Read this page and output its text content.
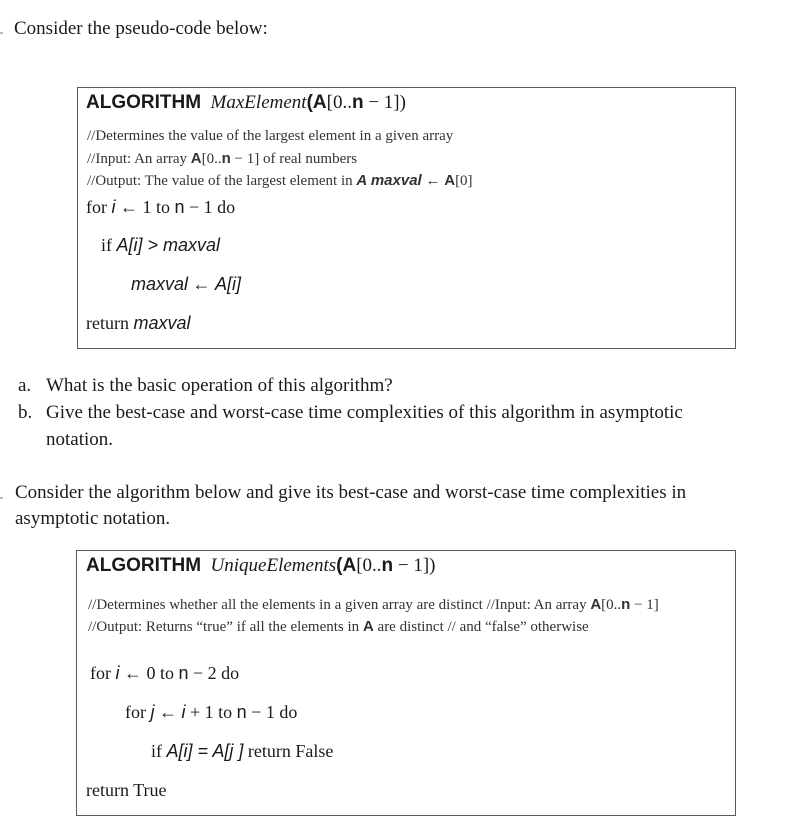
Consider the pseudo-code below:
ALGORITHM MaxElement(A[0..n − 1])
//Determines the value of the largest element in a given array
//Input: An array A[0..n − 1] of real numbers
//Output: The value of the largest element in A maxval ← A[0]
for i ← 1 to n − 1 do
if A[i] > maxval
maxval ← A[i]
return maxval
a. What is the basic operation of this algorithm?
b. Give the best-case and worst-case time complexities of this algorithm in asymptotic
notation.
Consider the algorithm below and give its best-case and worst-case time complexities in
asymptotic notation.
ALGORITHM UniqueElements(A[0..n − 1])
//Determines whether all the elements in a given array are distinct //Input: An array A[0..n − 1]
//Output: Returns “true” if all the elements in A are distinct // and “false” otherwise
for i ← 0 to n − 2 do
for j ← i + 1 to n − 1 do
if A[i] = A[j ] return False
return True
